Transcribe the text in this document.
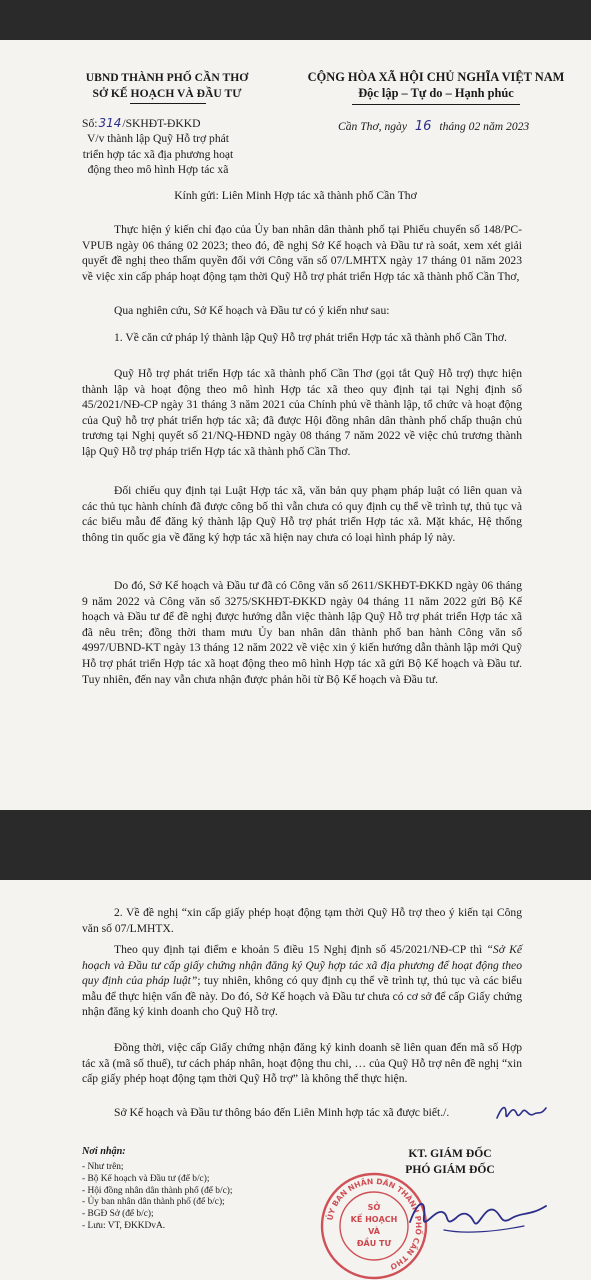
UBND THÀNH PHỐ CẦN THƠ
SỞ KẾ HOẠCH VÀ ĐẦU TƯ
CỘNG HÒA XÃ HỘI CHỦ NGHĨA VIỆT NAM
Độc lập – Tự do – Hạnh phúc
Số:314/SKHĐT-ĐKKD	Cần Thơ, ngày 16 tháng 02 năm 2023
V/v thành lập Quỹ Hỗ trợ phát
triển hợp tác xã địa phương hoạt
động theo mô hình Hợp tác xã
Kính gửi: Liên Minh Hợp tác xã thành phố Cần Thơ
Thực hiện ý kiến chỉ đạo của Ủy ban nhân dân thành phố tại Phiếu chuyển số 148/PC-VPUB ngày 06 tháng 02 2023; theo đó, đề nghị Sở Kế hoạch và Đầu tư rà soát, xem xét giải quyết đề nghị theo thẩm quyền đối với Công văn số 07/LMHTX ngày 17 tháng 01 năm 2023 về việc xin cấp pháp hoạt động tạm thời Quỹ Hỗ trợ phát triển Hợp tác xã thành phố Cần Thơ,
Qua nghiên cứu, Sở Kế hoạch và Đầu tư có ý kiến như sau:
1. Về căn cứ pháp lý thành lập Quỹ Hỗ trợ phát triển Hợp tác xã thành phố Cần Thơ.
Quỹ Hỗ trợ phát triển Hợp tác xã thành phố Cần Thơ (gọi tắt Quỹ Hỗ trợ) thực hiện thành lập và hoạt động theo mô hình Hợp tác xã theo quy định tại tại Nghị định số 45/2021/NĐ-CP ngày 31 tháng 3 năm 2021 của Chính phủ về thành lập, tổ chức và hoạt động của Quỹ hỗ trợ phát triển hợp tác xã; đã được Hội đồng nhân dân thành phố chấp thuận chủ trương tại Nghị quyết số 21/NQ-HĐND ngày 08 tháng 7 năm 2022 về việc chủ trương thành lập Quỹ Hỗ trợ pháp triển Hợp tác xã thành phố Cần Thơ.
Đối chiếu quy định tại Luật Hợp tác xã, văn bản quy phạm pháp luật có liên quan và các thủ tục hành chính đã được công bố thì vẫn chưa có quy định cụ thể về trình tự, thủ tục và các biểu mẫu để đăng ký thành lập Quỹ Hỗ trợ phát triển Hợp tác xã. Mặt khác, Hệ thống thông tin quốc gia về đăng ký hợp tác xã hiện nay chưa có loại hình pháp lý này.
Do đó, Sở Kế hoạch và Đầu tư đã có Công văn số 2611/SKHĐT-ĐKKD ngày 06 tháng 9 năm 2022 và Công văn số 3275/SKHĐT-ĐKKD ngày 04 tháng 11 năm 2022 gửi Bộ Kế hoạch và Đầu tư để đề nghị được hướng dẫn việc thành lập Quỹ Hỗ trợ phát triển Hợp tác xã đã nêu trên; đồng thời tham mưu Ủy ban nhân dân thành phố ban hành Công văn số 4997/UBND-KT ngày 13 tháng 12 năm 2022 về việc xin ý kiến hướng dẫn thành lập mới Quỹ Hỗ trợ phát triển Hợp tác xã hoạt động theo mô hình Hợp tác xã gửi Bộ Kế hoạch và Đầu tư. Tuy nhiên, đến nay vẫn chưa nhận được phản hồi từ Bộ Kế hoạch và Đầu tư.
2. Về đề nghị “xin cấp giấy phép hoạt động tạm thời Quỹ Hỗ trợ theo ý kiến tại Công văn số 07/LMHTX.
Theo quy định tại điểm e khoản 5 điều 15 Nghị định số 45/2021/NĐ-CP thì “Sở Kế hoạch và Đầu tư cấp giấy chứng nhận đăng ký Quỹ hợp tác xã địa phương để hoạt động theo quy định của pháp luật”; tuy nhiên, không có quy định cụ thể về trình tự, thủ tục và các biểu mẫu để thực hiện vấn đề này. Do đó, Sở Kế hoạch và Đầu tư chưa có cơ sở để cấp Giấy chứng nhận đăng ký kinh doanh cho Quỹ Hỗ trợ.
Đồng thời, việc cấp Giấy chứng nhận đăng ký kinh doanh sẽ liên quan đến mã số Hợp tác xã (mã số thuế), tư cách pháp nhân, hoạt động thu chi, … của Quỹ Hỗ trợ nên đề nghị “xin cấp giấy phép hoạt động tạm thời Quỹ Hỗ trợ” là không thể thực hiện.
Sở Kế hoạch và Đầu tư thông báo đến Liên Minh hợp tác xã được biết./.
Nơi nhận:
- Như trên;
- Bộ Kế hoạch và Đầu tư (để b/c);
- Hội đồng nhân dân thành phố (để b/c);
- Ủy ban nhân dân thành phố (để b/c);
- BGĐ Sở (để b/c);
- Lưu: VT, ĐKKDvA.
KT. GIÁM ĐỐC
PHÓ GIÁM ĐỐC
ỦY BAN NHÂN DÂN THÀNH PHỐ CẦN THƠ
SỞ
KẾ HOẠCH
VÀ
ĐẦU TƯ
